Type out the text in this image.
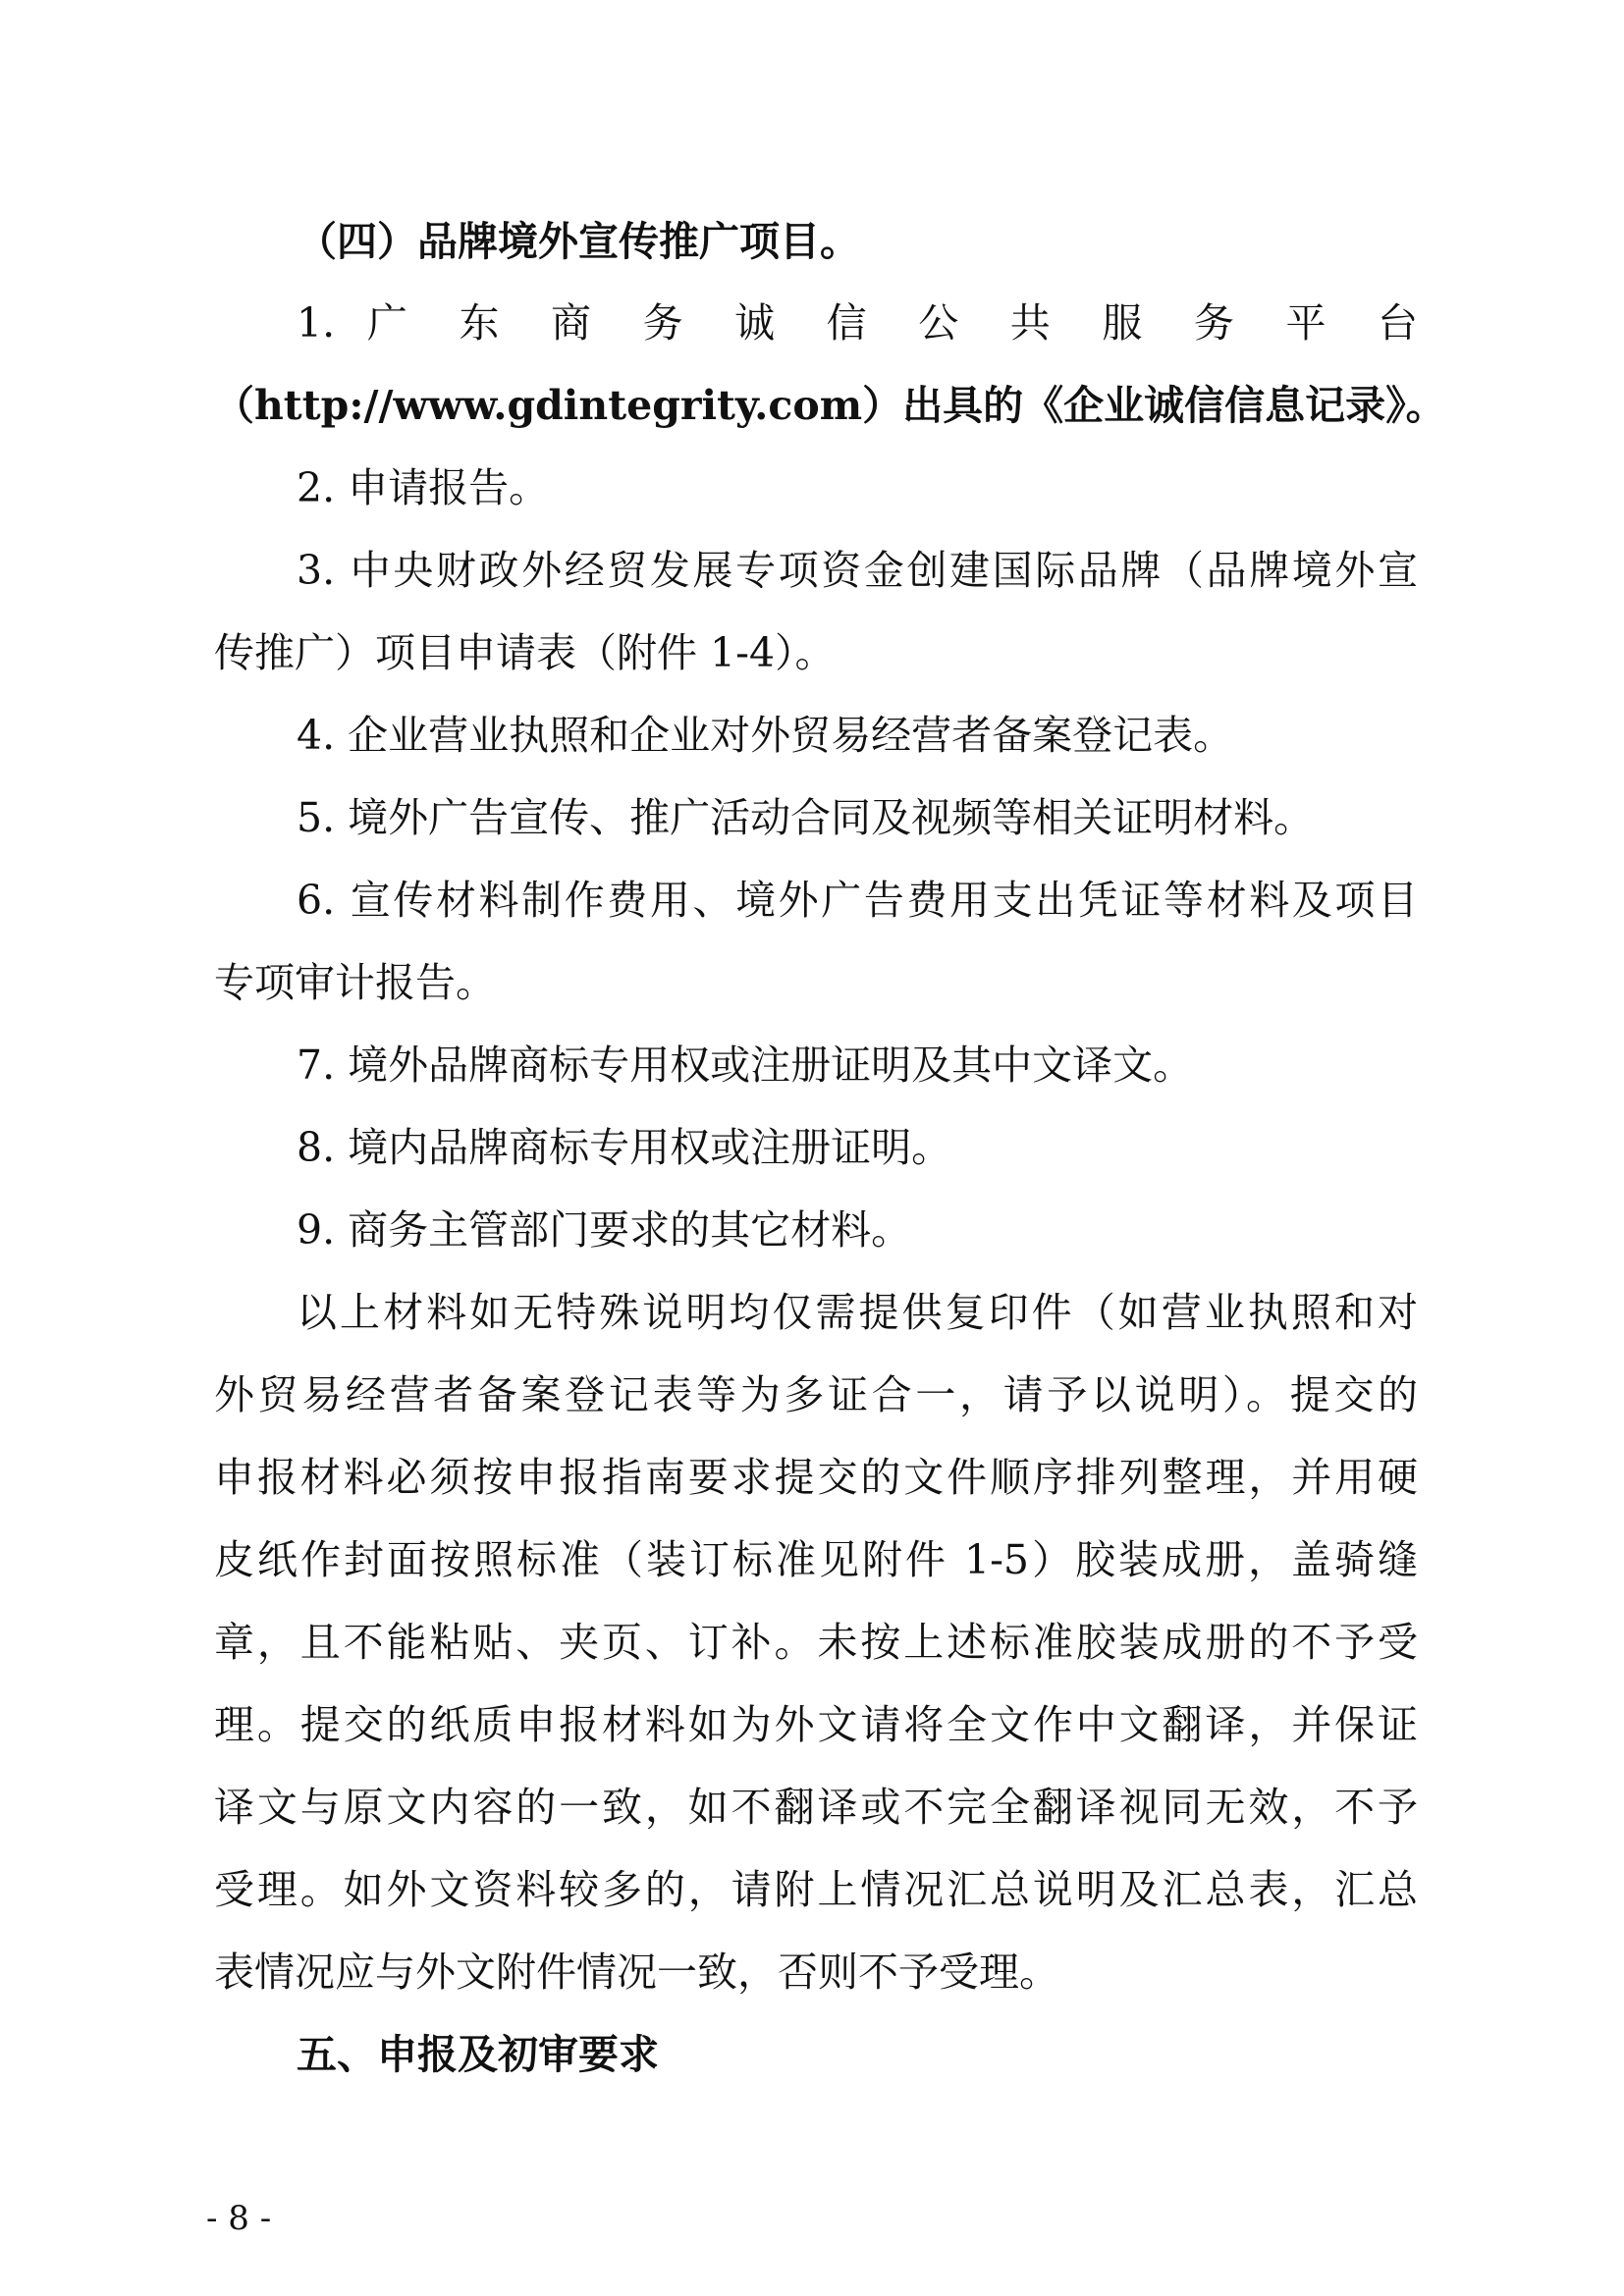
（四）品牌境外宣传推广项目。
1. 广 东 商 务 诚 信 公 共 服 务 平 台
（http://www.gdintegrity.com）出具的《企业诚信信息记录》。
2. 申请报告。
3. 中央财政外经贸发展专项资金创建国际品牌（品牌境外宣
传推广）项目申请表（附件 1-4）。
4. 企业营业执照和企业对外贸易经营者备案登记表。
5. 境外广告宣传、推广活动合同及视频等相关证明材料。
6. 宣传材料制作费用、境外广告费用支出凭证等材料及项目
专项审计报告。
7. 境外品牌商标专用权或注册证明及其中文译文。
8. 境内品牌商标专用权或注册证明。
9. 商务主管部门要求的其它材料。
以上材料如无特殊说明均仅需提供复印件（如营业执照和对
外贸易经营者备案登记表等为多证合一，请予以说明）。提交的
申报材料必须按申报指南要求提交的文件顺序排列整理，并用硬
皮纸作封面按照标准（装订标准见附件 1-5）胶装成册，盖骑缝
章，且不能粘贴、夹页、订补。未按上述标准胶装成册的不予受
理。提交的纸质申报材料如为外文请将全文作中文翻译，并保证
译文与原文内容的一致，如不翻译或不完全翻译视同无效，不予
受理。如外文资料较多的，请附上情况汇总说明及汇总表，汇总
表情况应与外文附件情况一致，否则不予受理。
五、申报及初审要求
- 8 -
